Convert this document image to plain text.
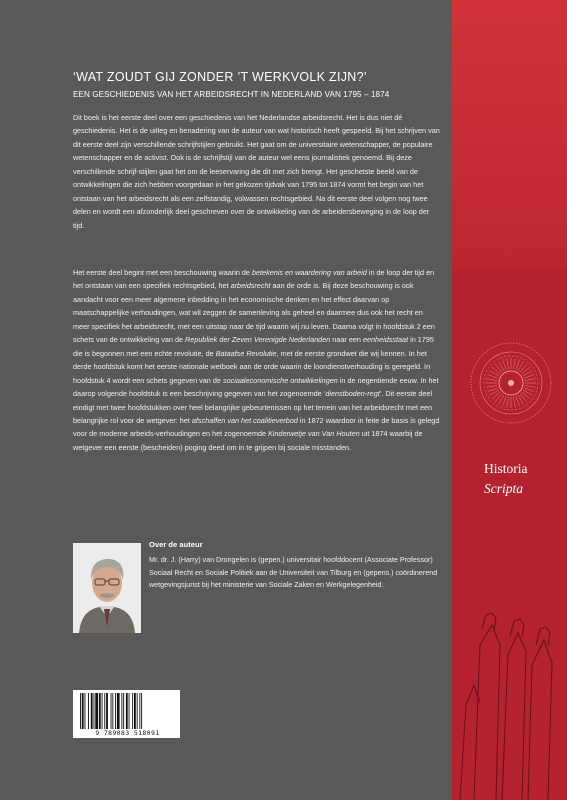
‘WAT ZOUDT GIJ ZONDER ’T WERKVOLK ZIJN?’
EEN GESCHIEDENIS VAN HET ARBEIDSRECHT IN NEDERLAND VAN 1795 – 1874
Dit boek is het eerste deel over een geschiedenis van het Nederlandse arbeidsrecht. Het is dus niet dé geschiedenis. Het is de uitleg en benadering van de auteur van wat historisch heeft gespeeld. Bij het schrijven van dit eerste deel zijn verschillende schrijfstijlen gebruikt. Het gaat om de universitaire wetenschapper, de populaire wetenschapper en de activist. Ook is de schrijfstijl van de auteur wel eens journalistiek genoemd. Bij deze verschillende schrijf-stijlen gaat het om de leeservaring die dit met zich brengt. Het geschetste beeld van de ontwikkelingen die zich hebben voorgedaan in het gekozen tijdvak van 1795 tot 1874 vormt het begin van het ontstaan van het arbeidsrecht als een zelfstandig, volwassen rechtsgebied. Na dit eerste deel volgen nog twee delen en wordt een afzonderlijk deel geschreven over de ontwikkeling van de arbeidersbeweging in de loop der tijd.
Het eerste deel begint met een beschouwing waarin de betekenis en waardering van arbeid in de loop der tijd en het ontstaan van een specifiek rechtsgebied, het arbeidsrecht aan de orde is. Bij deze beschouwing is ook aandacht voor een meer algemene inbedding in het economische denken en het effect daarvan op maatschappelijke verhoudingen, wat wil zeggen de samenleving als geheel en daarmee dus ook het recht en meer specifiek het arbeidsrecht, met een uitstap naar de tijd waarin wij nu leven. Daarna volgt in hoofdstuk 2 een schets van de ontwikkeling van de Republiek der Zeven Verenigde Nederlanden naar een eenheidsstaat in 1795 die is begonnen met een echte revolutie, de Bataafse Revolutie, met de eerste grondwet die wij kennen. In het derde hoofdstuk komt het eerste nationale wetboek aan de orde waarin de loondienstverhouding is geregeld. In hoofdstuk 4 wordt een schets gegeven van de sociaaleconomische ontwikkelingen in de negentiende eeuw. In het daarop volgende hoofdstuk is een beschrijving gegeven van het zogenoemde ‘dienstboden-regt’. Dit eerste deel eindigt met twee hoofdstukken over heel belangrijke gebeurtenissen op het terrein van het arbeidsrecht met een belangrijke rol voor de wetgever: het afschaffen van het coalitieverbod in 1872 waardoor in feite de basis is gelegd voor de moderne arbeids-verhoudingen en het zogenoemde Kinderwetje van Van Houten uit 1874 waarbij de wetgever een eerste (bescheiden) poging deed om in te grijpen bij sociale misstanden.
Over de auteur
Mr. dr. J. (Harry) van Drongelen is (gepen.) universitair hoofddocent (Associate Professor) Sociaal Recht en Sociale Politiek aan de Universiteit van Tilburg en (gepens.) coördinerend wetgevingsjurist bij het ministerie van Sociale Zaken en Werkgelegenheid.
9 789083 518091
Historia
Scripta
